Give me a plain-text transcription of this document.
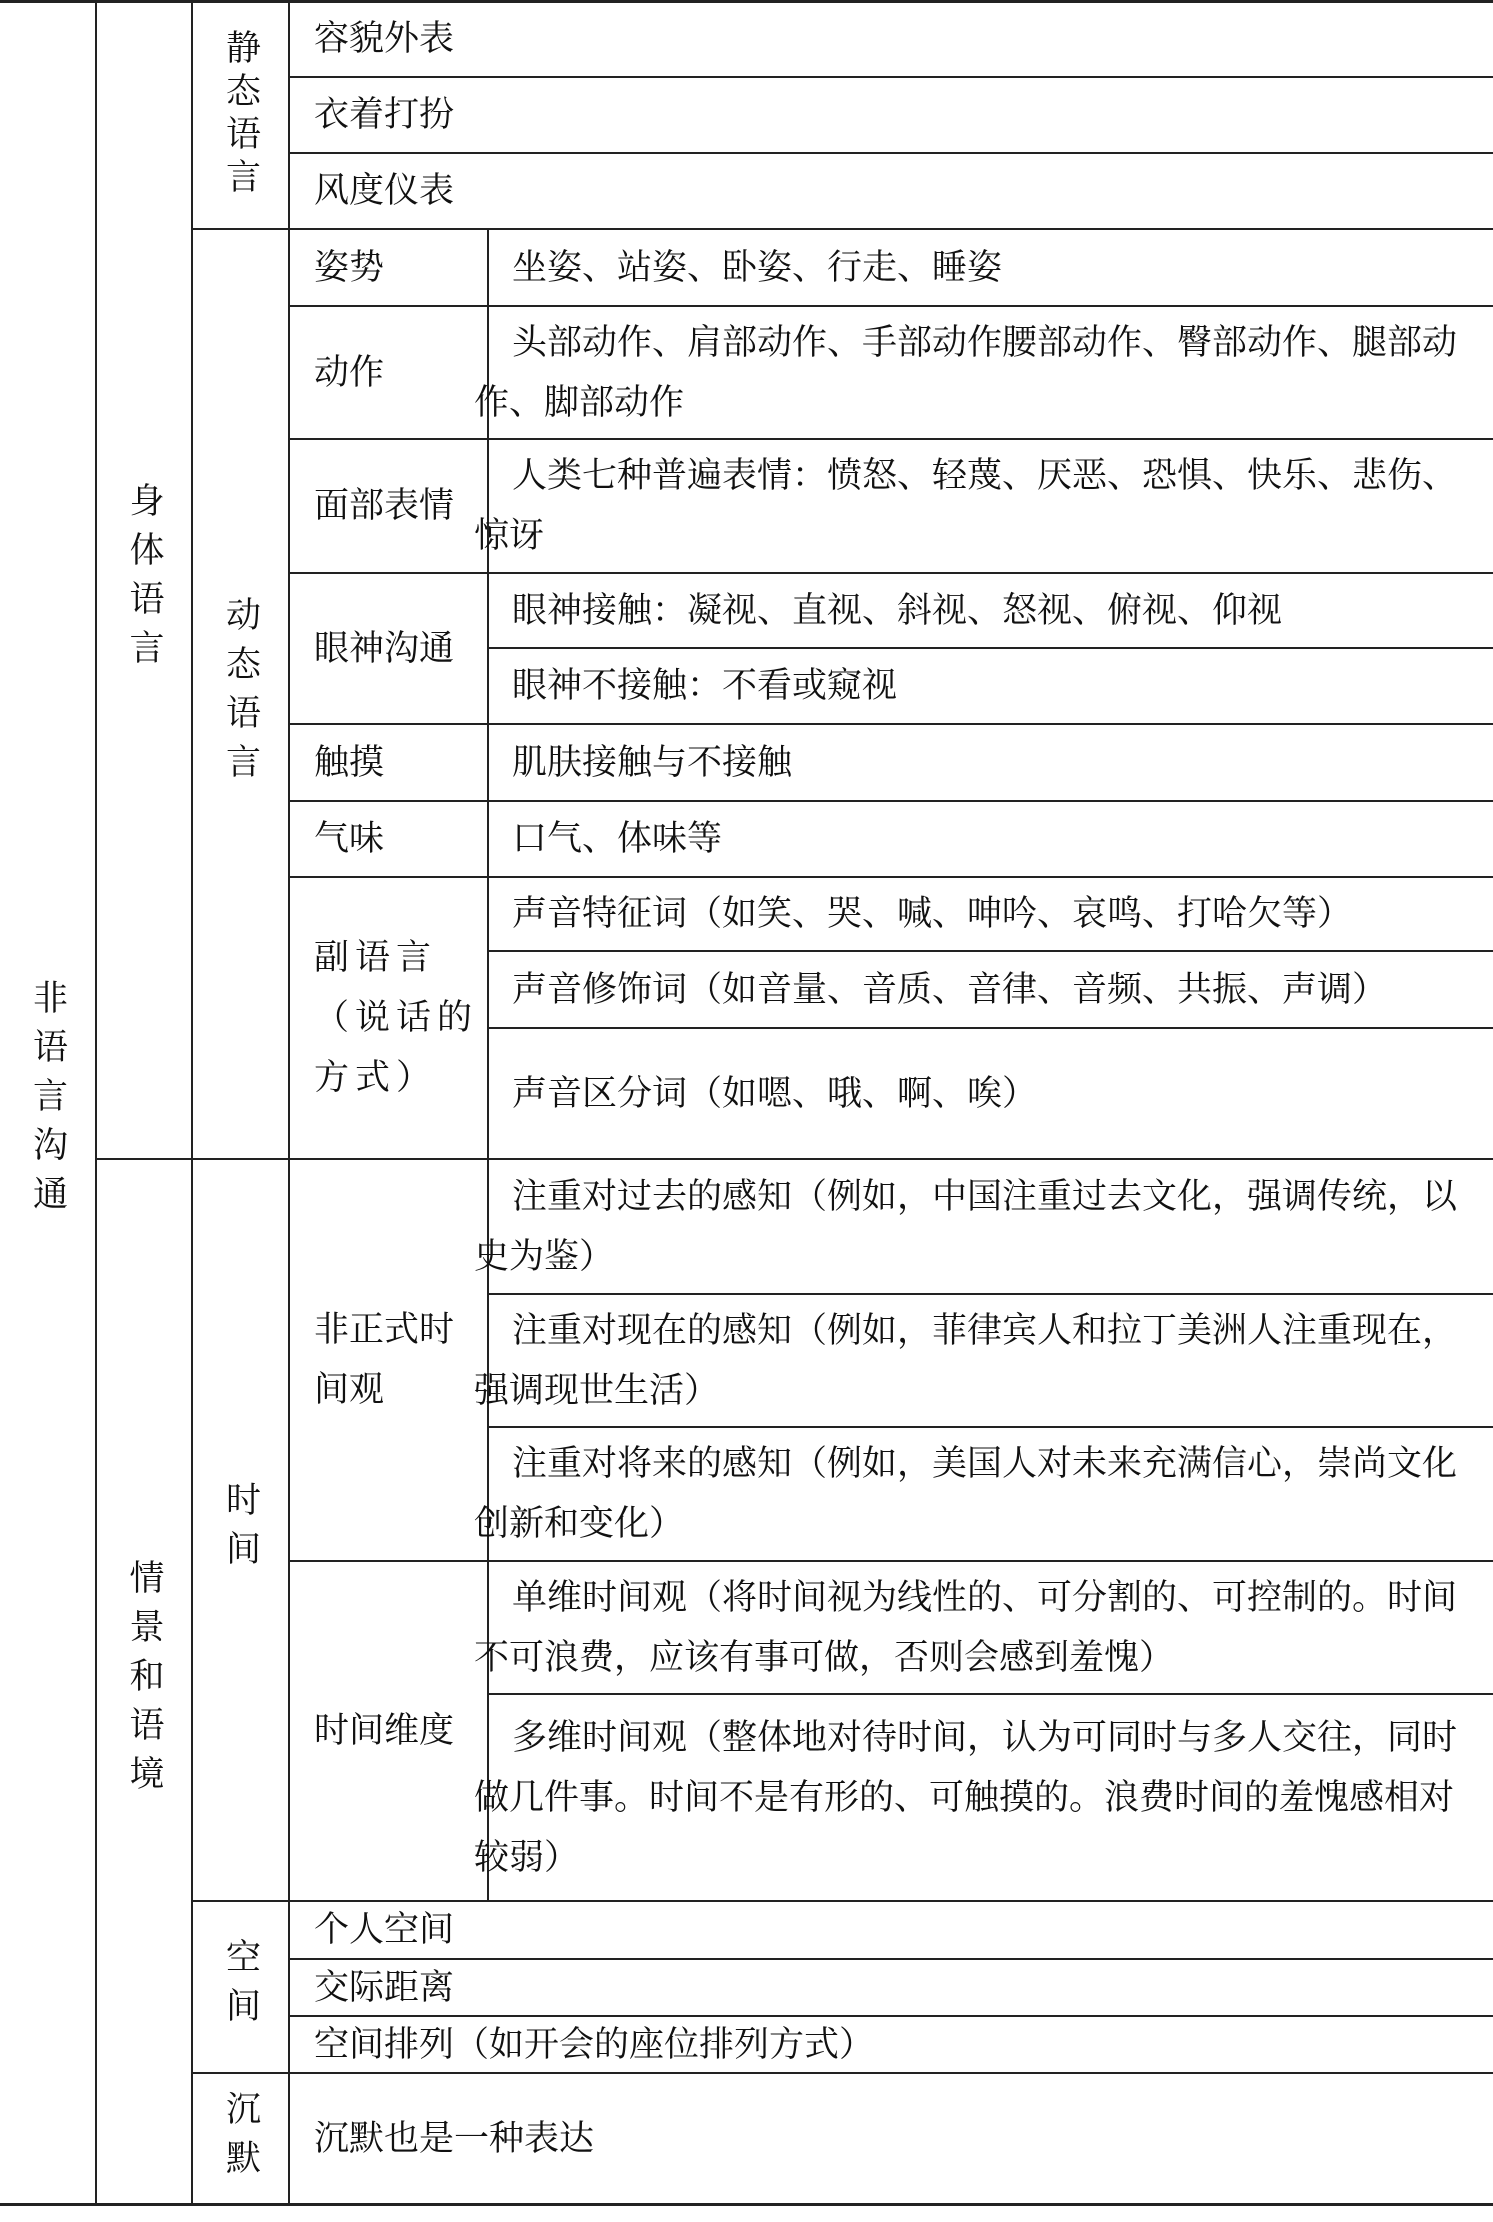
非语言沟通
身体语言
情景和语境
静态语言
动态语言
时间
空间
沉默
容貌外表
衣着打扮
风度仪表
姿势
动作
面部表情
眼神沟通
触摸
气味
副语言（说话的方式）
坐姿、站姿、卧姿、行走、睡姿
头部动作、肩部动作、手部动作腰部动作、臀部动作、腿部动作、脚部动作
人类七种普遍表情：愤怒、轻蔑、厌恶、恐惧、快乐、悲伤、惊讶
眼神接触：凝视、直视、斜视、怒视、俯视、仰视
眼神不接触：不看或窥视
肌肤接触与不接触
口气、体味等
声音特征词（如笑、哭、喊、呻吟、哀鸣、打哈欠等）
声音修饰词（如音量、音质、音律、音频、共振、声调）
声音区分词（如嗯、哦、啊、唉）
非正式时间观
时间维度
注重对过去的感知（例如，中国注重过去文化，强调传统，以史为鉴）
注重对现在的感知（例如，菲律宾人和拉丁美洲人注重现在，强调现世生活）
注重对将来的感知（例如，美国人对未来充满信心，崇尚文化创新和变化）
单维时间观（将时间视为线性的、可分割的、可控制的。时间不可浪费，应该有事可做，否则会感到羞愧）
多维时间观（整体地对待时间，认为可同时与多人交往，同时做几件事。时间不是有形的、可触摸的。浪费时间的羞愧感相对较弱）
个人空间
交际距离
空间排列（如开会的座位排列方式）
沉默也是一种表达
